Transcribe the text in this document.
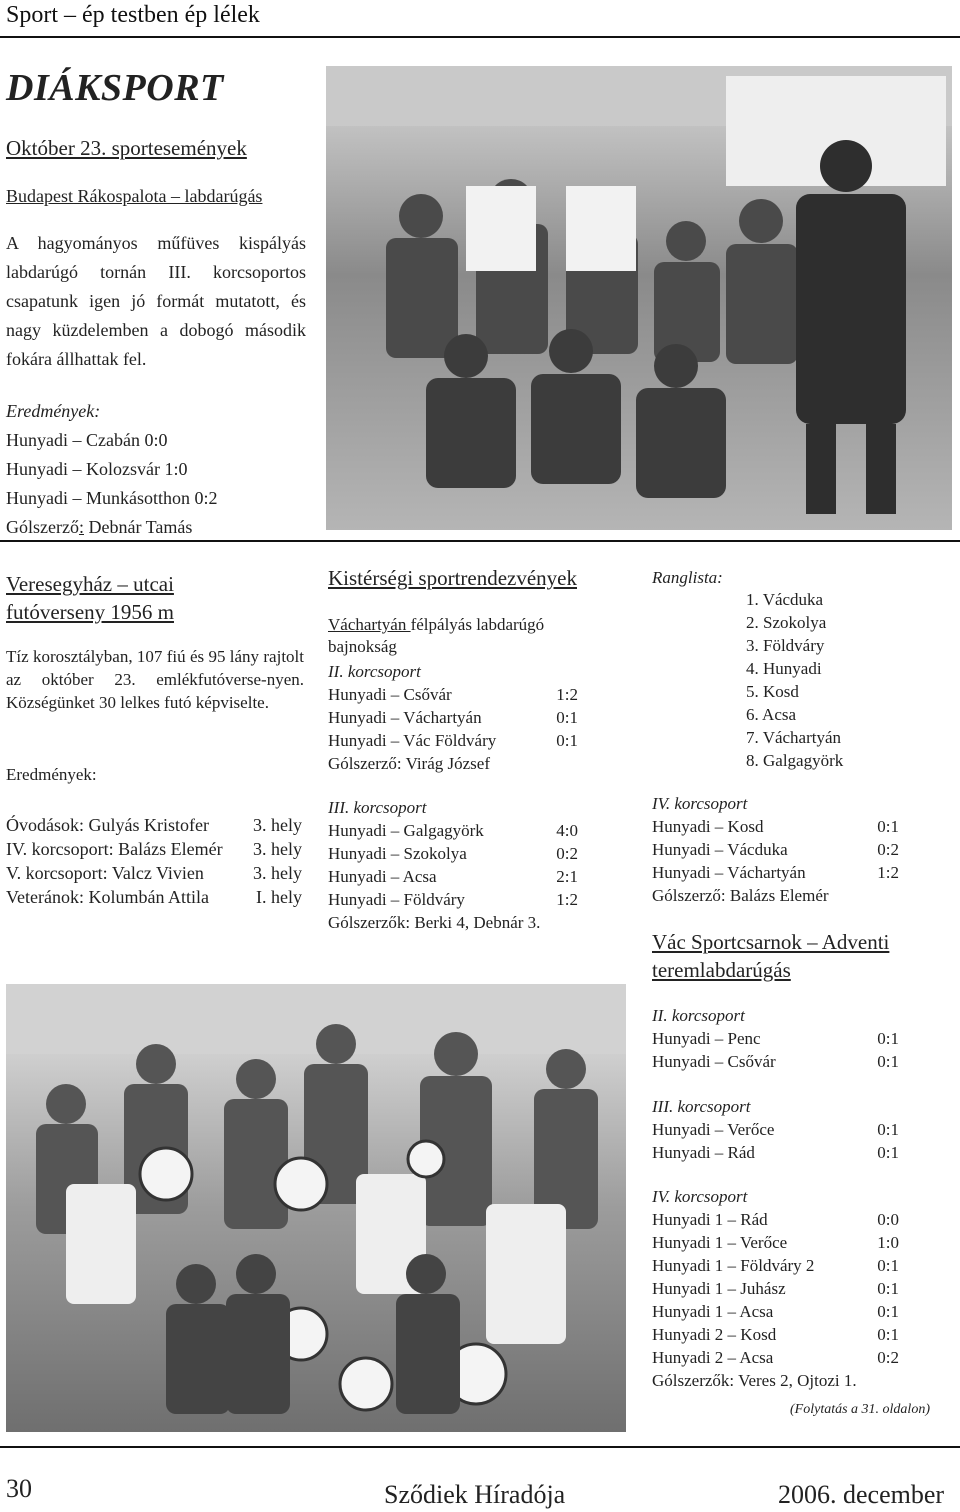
Sport – ép testben ép lélek
DIÁKSPORT
Október 23. sportesemények
Budapest Rákospalota – labdarúgás
A hagyományos műfüves kispályás labdarúgó tornán III. korcsoportos csapatunk igen jó formát mutatott, és nagy küzdelemben a dobogó második fokára állhattak fel.
Eredmények:
Hunyadi – Czabán 0:0
Hunyadi – Kolozsvár 1:0
Hunyadi – Munkásotthon 0:2
Gólszerző: Debnár Tamás
Veresegyház – utcai
futóverseny 1956 m
Tíz korosztályban, 107 fiú és 95 lány rajtolt az október 23. emlékfutóverse-nyen. Községünket 30 lelkes futó képviselte.
Eredmények:
Óvodások: Gulyás Kristofer 3. hely
IV. korcsoport: Balázs Elemér 3. hely
V. korcsoport: Valcz Vivien	3. hely
Veteránok: Kolumbán Attila	I. hely
Kistérségi sportrendezvények
Váchartyán félpályás labdarúgó bajnokság
II. korcsoport
Hunyadi – Csővár	1:2
Hunyadi – Váchartyán	0:1
Hunyadi – Vác Földváry	0:1
Gólszerző: Virág József
III. korcsoport
Hunyadi – Galgagyörk	4:0
Hunyadi – Szokolya	0:2
Hunyadi – Acsa	2:1
Hunyadi – Földváry	1:2
Gólszerzők: Berki 4, Debnár 3.
Ranglista:
1. Vácduka
2. Szokolya
3. Földváry
4. Hunyadi
5. Kosd
6. Acsa
7. Váchartyán
8. Galgagyörk
IV. korcsoport
Hunyadi – Kosd	0:1
Hunyadi – Vácduka	0:2
Hunyadi – Váchartyán	1:2
Gólszerző: Balázs Elemér
Vác Sportcsarnok – Adventi
teremlabdarúgás
II. korcsoport
Hunyadi – Penc	0:1
Hunyadi – Csővár	0:1
III. korcsoport
Hunyadi – Verőce	0:1
Hunyadi – Rád	0:1
IV. korcsoport
Hunyadi 1 – Rád	0:0
Hunyadi 1 – Verőce	1:0
Hunyadi 1 – Földváry 2	0:1
Hunyadi 1 – Juhász	0:1
Hunyadi 1 – Acsa	0:1
Hunyadi 2 – Kosd	0:1
Hunyadi 2 – Acsa	0:2
Gólszerzők: Veres 2, Ojtozi 1.
(Folytatás a 31. oldalon)
30	Sződiek Híradója	2006. december
